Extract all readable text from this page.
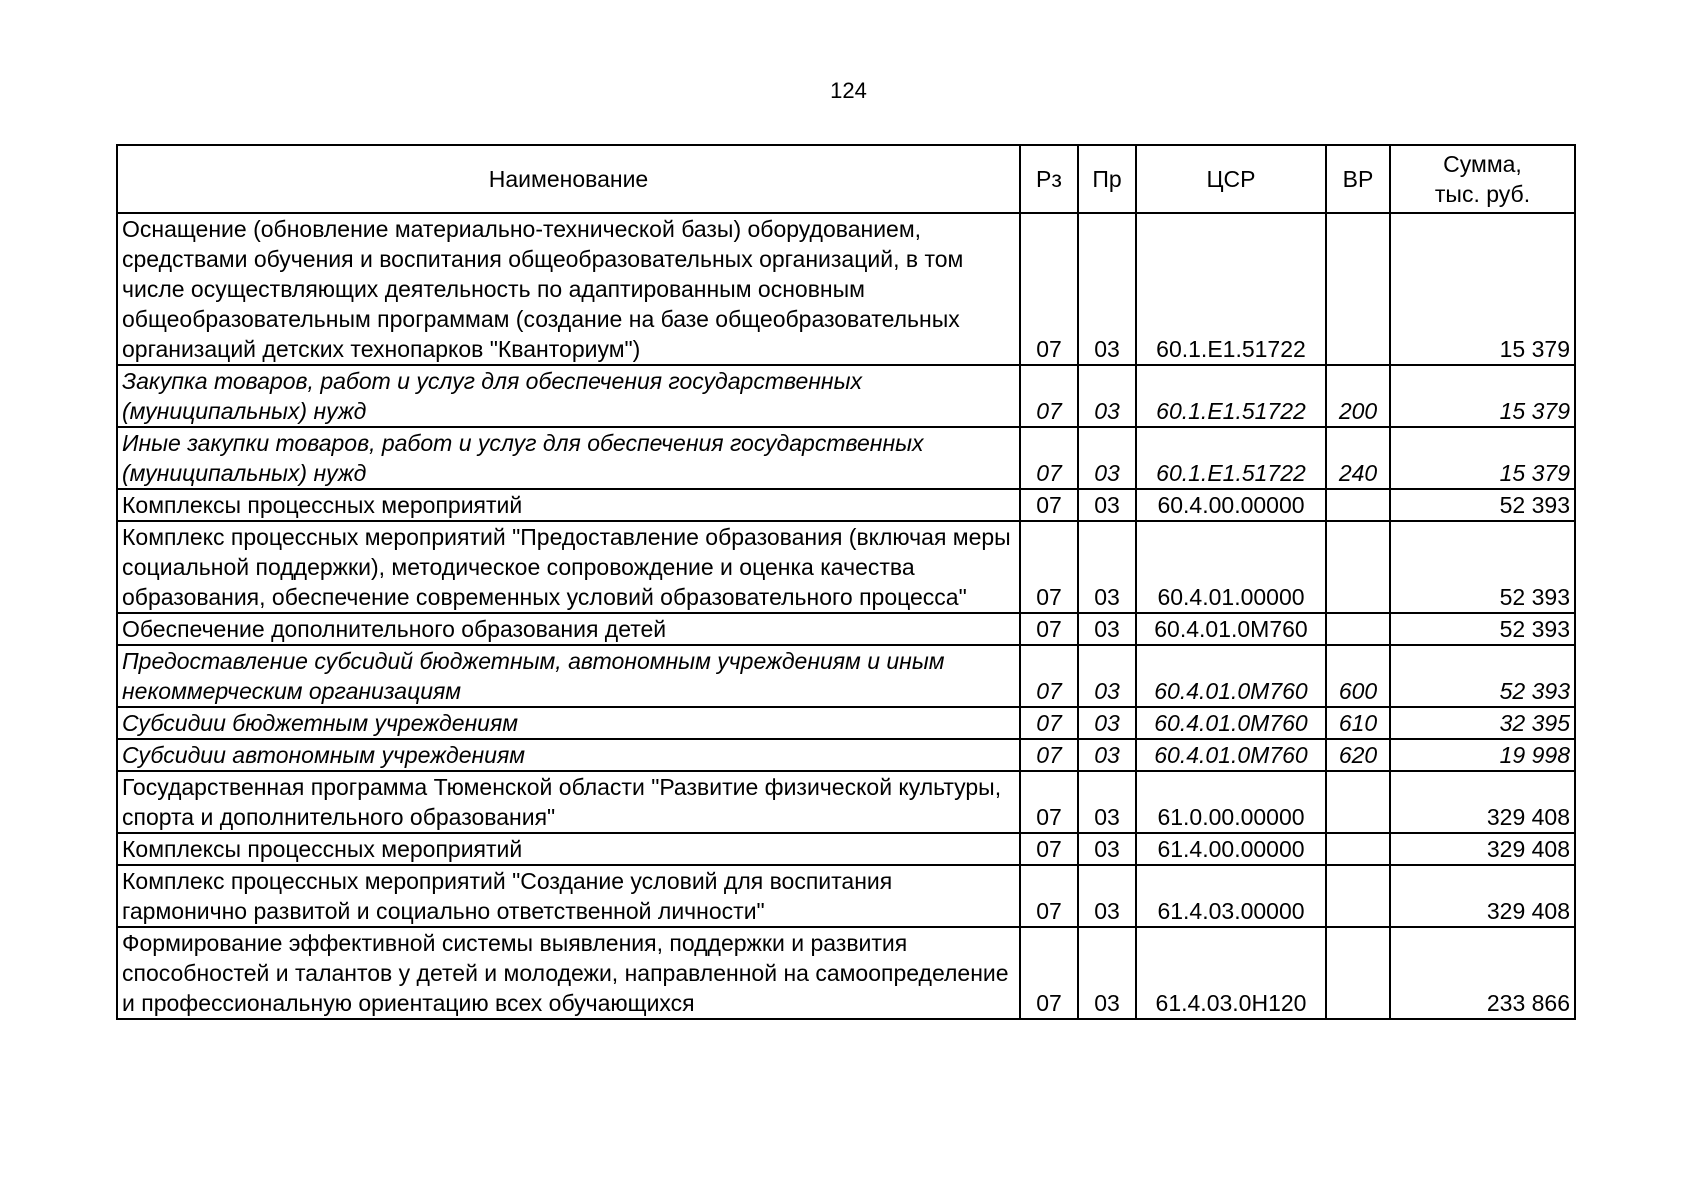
124
Наименование	Рз	Пр	ЦСР	ВР	Сумма,
тыс. руб.

Оснащение (обновление материально-технической базы) оборудованием, средствами обучения и воспитания общеобразовательных организаций, в том числе осуществляющих деятельность по адаптированным основным общеобразовательным программам (создание на базе общеобразовательных организаций детских технопарков "Кванториум")	07	03	60.1.E1.51722		15 379
Закупка товаров, работ и услуг для обеспечения государственных (муниципальных) нужд	07	03	60.1.E1.51722	200	15 379
Иные закупки товаров, работ и услуг для обеспечения государственных (муниципальных) нужд	07	03	60.1.E1.51722	240	15 379
Комплексы процессных мероприятий	07	03	60.4.00.00000		52 393
Комплекс процессных мероприятий "Предоставление образования (включая меры социальной поддержки), методическое сопровождение и оценка качества образования, обеспечение современных условий образовательного процесса"	07	03	60.4.01.00000		52 393
Обеспечение дополнительного образования детей	07	03	60.4.01.0М760		52 393
Предоставление субсидий бюджетным, автономным учреждениям и иным некоммерческим организациям	07	03	60.4.01.0М760	600	52 393
Субсидии бюджетным учреждениям	07	03	60.4.01.0М760	610	32 395
Субсидии автономным учреждениям	07	03	60.4.01.0М760	620	19 998
Государственная программа Тюменской области "Развитие физической культуры, спорта и дополнительного образования"	07	03	61.0.00.00000		329 408
Комплексы процессных мероприятий	07	03	61.4.00.00000		329 408
Комплекс процессных мероприятий "Создание условий для воспитания гармонично развитой и социально ответственной личности"	07	03	61.4.03.00000		329 408
Формирование эффективной системы выявления, поддержки и развития способностей и талантов у детей и молодежи, направленной на самоопределение и профессиональную ориентацию всех обучающихся	07	03	61.4.03.0Н120		233 866
